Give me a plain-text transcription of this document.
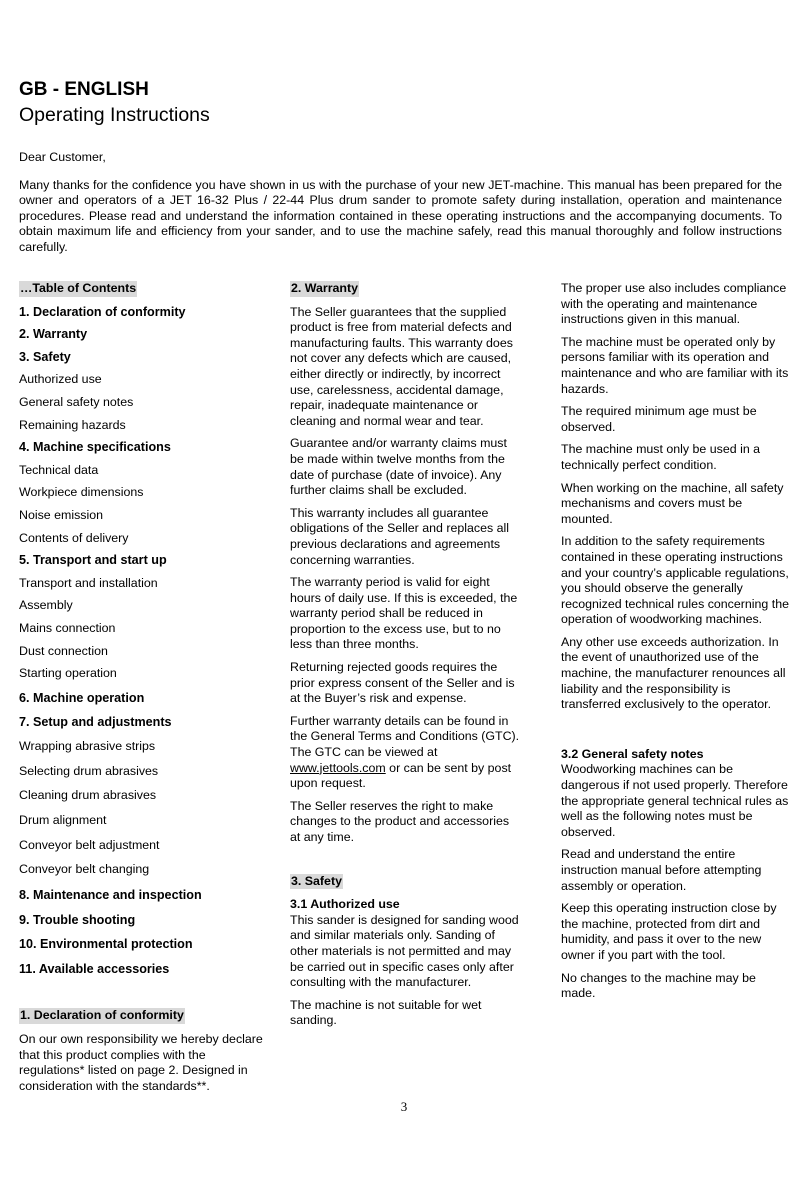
GB - ENGLISH
Operating Instructions

Dear Customer,

Many thanks for the confidence you have shown in us with the purchase of your new JET-machine. This manual has been prepared for the owner and operators of a JET 16-32 Plus / 22-44 Plus drum sander to promote safety during installation, operation and maintenance procedures. Please read and understand the information contained in these operating instructions and the accompanying documents. To obtain maximum life and efficiency from your sander, and to use the machine safely, read this manual thoroughly and follow instructions carefully.

…Table of Contents

1. Declaration of conformity

2. Warranty

3. Safety

Authorized use

General safety notes

Remaining hazards

4. Machine specifications

Technical data

Workpiece dimensions

Noise emission

Contents of delivery

5. Transport and start up

Transport and installation

Assembly

Mains connection

Dust connection

Starting operation

6. Machine operation

7. Setup and adjustments

Wrapping abrasive strips

Selecting drum abrasives

Cleaning drum abrasives

Drum alignment

Conveyor belt adjustment

Conveyor belt changing

8. Maintenance and inspection

9. Trouble shooting

10. Environmental protection

11. Available accessories

1. Declaration of conformity

On our own responsibility we hereby declare that this product complies with the regulations* listed on page 2. Designed in consideration with the standards**.

2. Warranty

The Seller guarantees that the supplied product is free from material defects and manufacturing faults. This warranty does not cover any defects which are caused, either directly or indirectly, by incorrect use, carelessness, accidental damage, repair, inadequate maintenance or cleaning and normal wear and tear.

Guarantee and/or warranty claims must be made within twelve months from the date of purchase (date of invoice). Any further claims shall be excluded.

This warranty includes all guarantee obligations of the Seller and replaces all previous declarations and agreements concerning warranties.

The warranty period is valid for eight hours of daily use. If this is exceeded, the warranty period shall be reduced in proportion to the excess use, but to no less than three months.

Returning rejected goods requires the prior express consent of the Seller and is at the Buyer’s risk and expense.

Further warranty details can be found in the General Terms and Conditions (GTC). The GTC can be viewed at www.jettools.com or can be sent by post upon request.

The Seller reserves the right to make changes to the product and accessories at any time.

3. Safety

3.1 Authorized use

This sander is designed for sanding wood and similar materials only. Sanding of other materials is not permitted and may be carried out in specific cases only after consulting with the manufacturer.

The machine is not suitable for wet sanding.

The proper use also includes compliance with the operating and maintenance instructions given in this manual.

The machine must be operated only by persons familiar with its operation and maintenance and who are familiar with its hazards.

The required minimum age must be observed.

The machine must only be used in a technically perfect condition.

When working on the machine, all safety mechanisms and covers must be mounted.

In addition to the safety requirements contained in these operating instructions and your country’s applicable regulations, you should observe the generally recognized technical rules concerning the operation of woodworking machines.

Any other use exceeds authorization. In the event of unauthorized use of the machine, the manufacturer renounces all liability and the responsibility is transferred exclusively to the operator.

3.2 General safety notes

Woodworking machines can be dangerous if not used properly. Therefore the appropriate general technical rules as well as the following notes must be observed.

Read and understand the entire instruction manual before attempting assembly or operation.

Keep this operating instruction close by the machine, protected from dirt and humidity, and pass it over to the new owner if you part with the tool.

No changes to the machine may be made.

3
